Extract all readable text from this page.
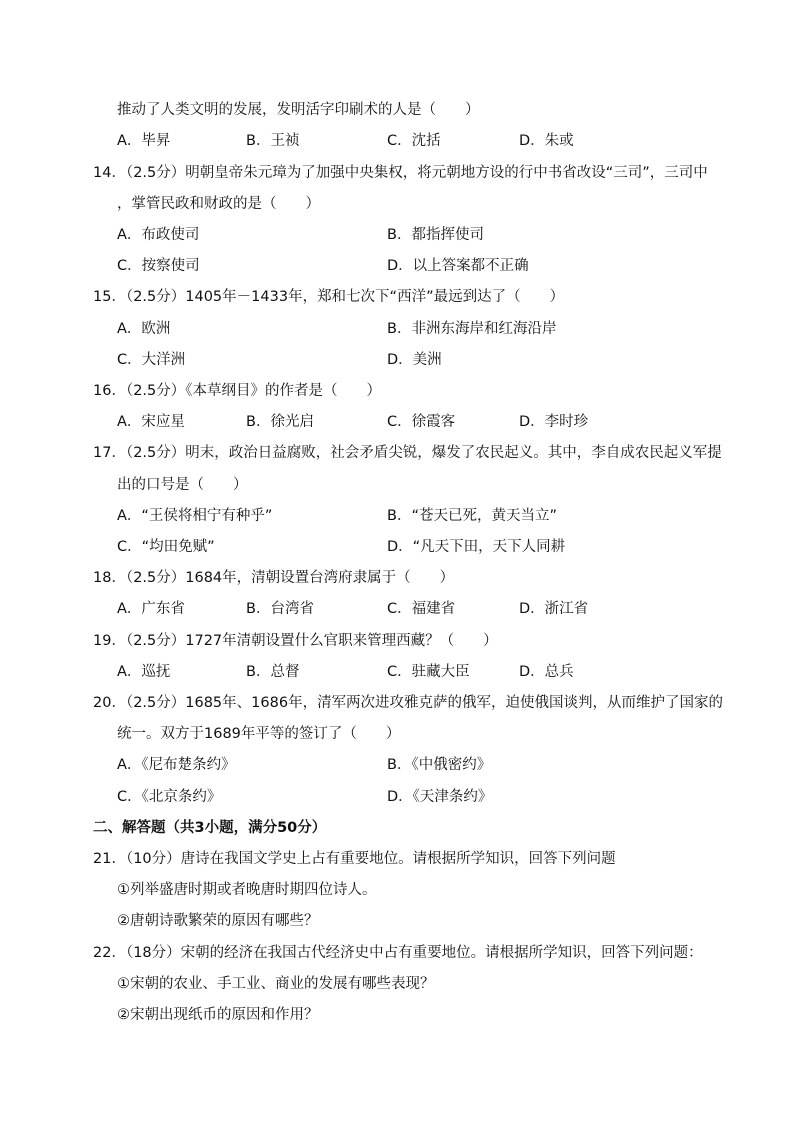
推动了人类文明的发展，发明活字印刷术的人是（　　）
A．毕昇	B．王祯	C．沈括	D．朱或
14．（2.5分）明朝皇帝朱元璋为了加强中央集权，将元朝地方设的行中书省改设“三司”，三司中
，掌管民政和财政的是（　　）
A．布政使司	B．都指挥使司
C．按察使司	D．以上答案都不正确
15．（2.5分）1405年－1433年，郑和七次下“西洋”最远到达了（　　）
A．欧洲	B．非洲东海岸和红海沿岸
C．大洋洲	D．美洲
16．（2.5分）《本草纲目》的作者是（　　）
A．宋应星	B．徐光启	C．徐霞客	D．李时珍
17．（2.5分）明末，政治日益腐败，社会矛盾尖锐，爆发了农民起义。其中，李自成农民起义军提
出的口号是（　　）
A．“王侯将相宁有种乎”	B．“苍天已死，黄天当立”
C．“均田免赋”	D．“凡天下田，天下人同耕
18．（2.5分）1684年，清朝设置台湾府隶属于（　　）
A．广东省	B．台湾省	C．福建省	D．浙江省
19．（2.5分）1727年清朝设置什么官职来管理西藏？（　　）
A．巡抚	B．总督	C．驻藏大臣	D．总兵
20．（2.5分）1685年、1686年，清军两次进攻雅克萨的俄军，迫使俄国谈判，从而维护了国家的
统一。双方于1689年平等的签订了（　　）
A．《尼布楚条约》	B．《中俄密约》
C．《北京条约》	D．《天津条约》
二、解答题（共3小题，满分50分）
21．（10分）唐诗在我国文学史上占有重要地位。请根据所学知识，回答下列问题
①列举盛唐时期或者晚唐时期四位诗人。
②唐朝诗歌繁荣的原因有哪些？
22．（18分）宋朝的经济在我国古代经济史中占有重要地位。请根据所学知识，回答下列问题：
①宋朝的农业、手工业、商业的发展有哪些表现？
②宋朝出现纸币的原因和作用？
